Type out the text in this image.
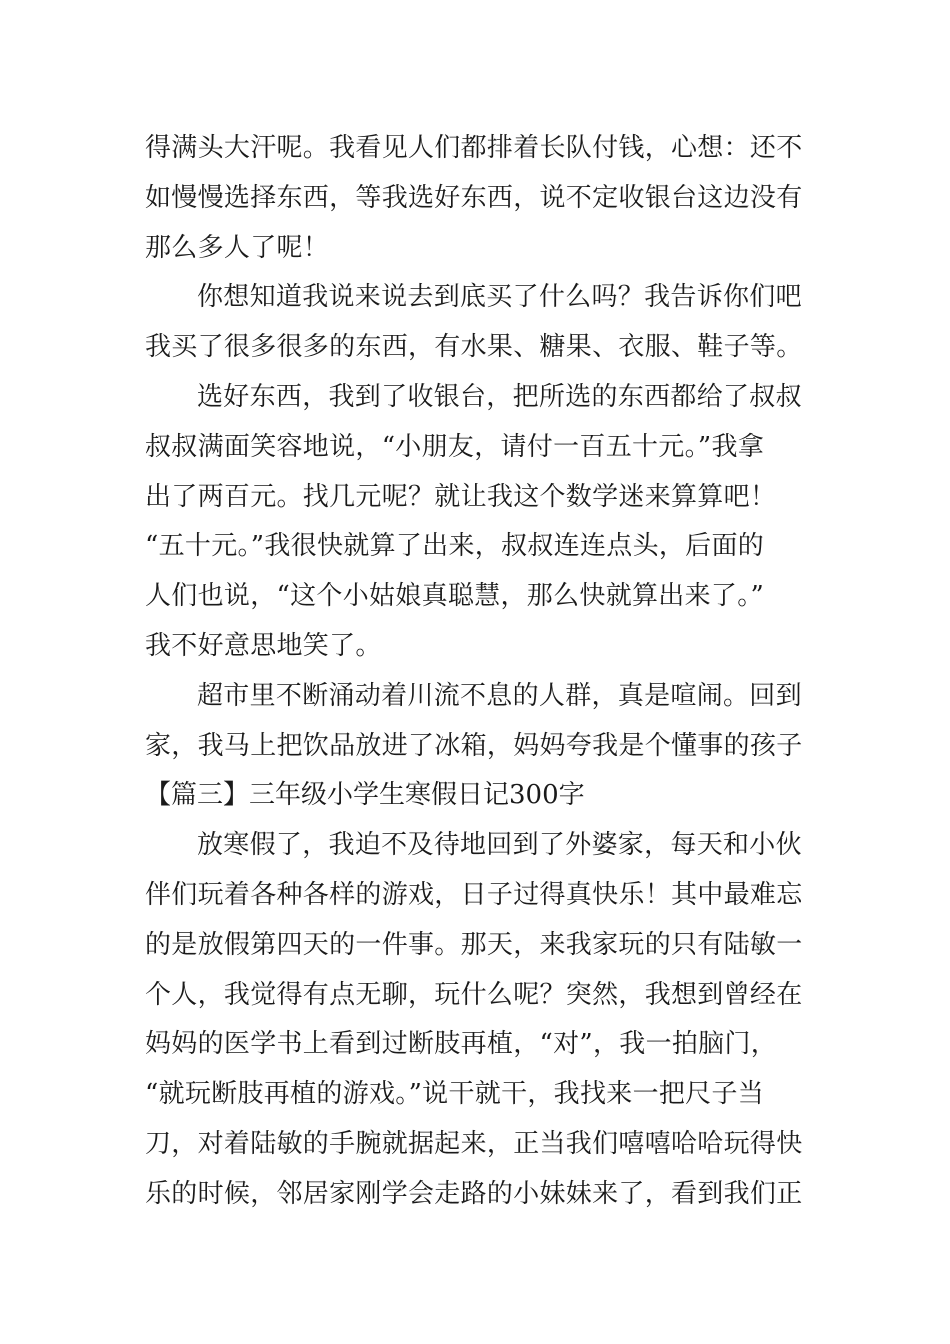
得满头大汗呢。我看见人们都排着长队付钱，心想：还不
如慢慢选择东西，等我选好东西，说不定收银台这边没有
那么多人了呢！
你想知道我说来说去到底买了什么吗？我告诉你们吧
我买了很多很多的东西，有水果、糖果、衣服、鞋子等。
选好东西，我到了收银台，把所选的东西都给了叔叔
叔叔满面笑容地说，“小朋友，请付一百五十元。”我拿
出了两百元。找几元呢？就让我这个数学迷来算算吧！
“五十元。”我很快就算了出来，叔叔连连点头，后面的
人们也说，“这个小姑娘真聪慧，那么快就算出来了。”
我不好意思地笑了。
超市里不断涌动着川流不息的人群，真是喧闹。回到
家，我马上把饮品放进了冰箱，妈妈夸我是个懂事的孩子
【篇三】三年级小学生寒假日记300字
放寒假了，我迫不及待地回到了外婆家，每天和小伙
伴们玩着各种各样的游戏，日子过得真快乐！其中最难忘
的是放假第四天的一件事。那天，来我家玩的只有陆敏一
个人，我觉得有点无聊，玩什么呢？突然，我想到曾经在
妈妈的医学书上看到过断肢再植，“对”，我一拍脑门，
“就玩断肢再植的游戏。”说干就干，我找来一把尺子当
刀，对着陆敏的手腕就据起来，正当我们嘻嘻哈哈玩得快
乐的时候，邻居家刚学会走路的小妹妹来了，看到我们正
